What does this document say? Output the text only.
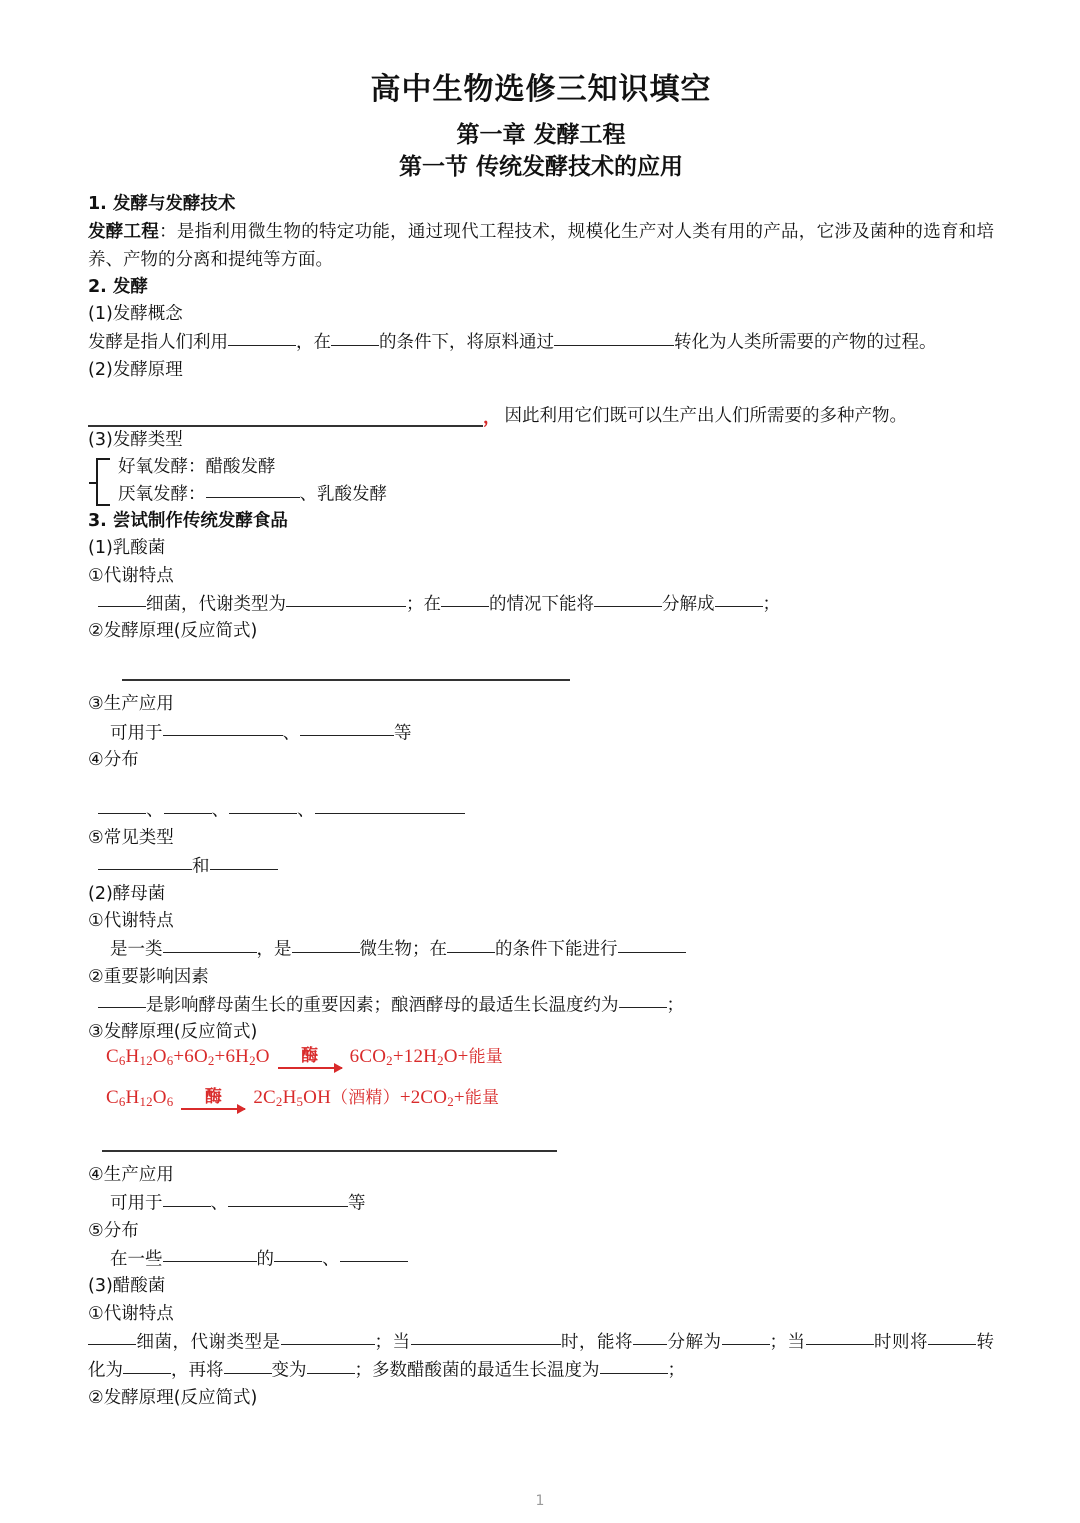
高中生物选修三知识填空
第一章 发酵工程
第一节 传统发酵技术的应用

1. 发酵与发酵技术

发酵工程：是指利用微生物的特定功能，通过现代工程技术，规模化生产对人类有用的产品，它涉及菌种的选育和培养、产物的分离和提纯等方面。

2. 发酵

(1)发酵概念

发酵是指人们利用	，在	的条件下，将原料通过	转化为人类所需要的产物的过程。

(2)发酵原理

， 因此利用它们既可以生产出人们所需要的多种产物。

(3)发酵类型

好氧发酵：醋酸发酵
厌氧发酵：	、乳酸发酵

3. 尝试制作传统发酵食品

(1)乳酸菌

①代谢特点

细菌，代谢类型为	；在	的情况下能将	分解成	；

②发酵原理(反应简式)

③生产应用

可用于	、	等

④分布

、	、	、

⑤常见类型

和

(2)酵母菌

①代谢特点

是一类	，是	微生物；在	的条件下能进行

②重要影响因素

是影响酵母菌生长的重要因素；酿酒酵母的最适生长温度约为	；

③发酵原理(反应简式)

$C_6H_{12}O_6+6O_2+6H_2O$	酶	$6CO_2+12H_2O+$能量
$C_6H_{12}O_6$	酶	$2C_2H_5OH$（酒精）$+2CO_2+$能量

④生产应用

可用于	、	等

⑤分布

在一些	的	、

(3)醋酸菌

①代谢特点

细菌，代谢类型是	；当	时，能将 分解为	；当	时则将	转化为	，再将	变为	；多数醋酸菌的最适生长温度为	；

②发酵原理(反应简式)

1
